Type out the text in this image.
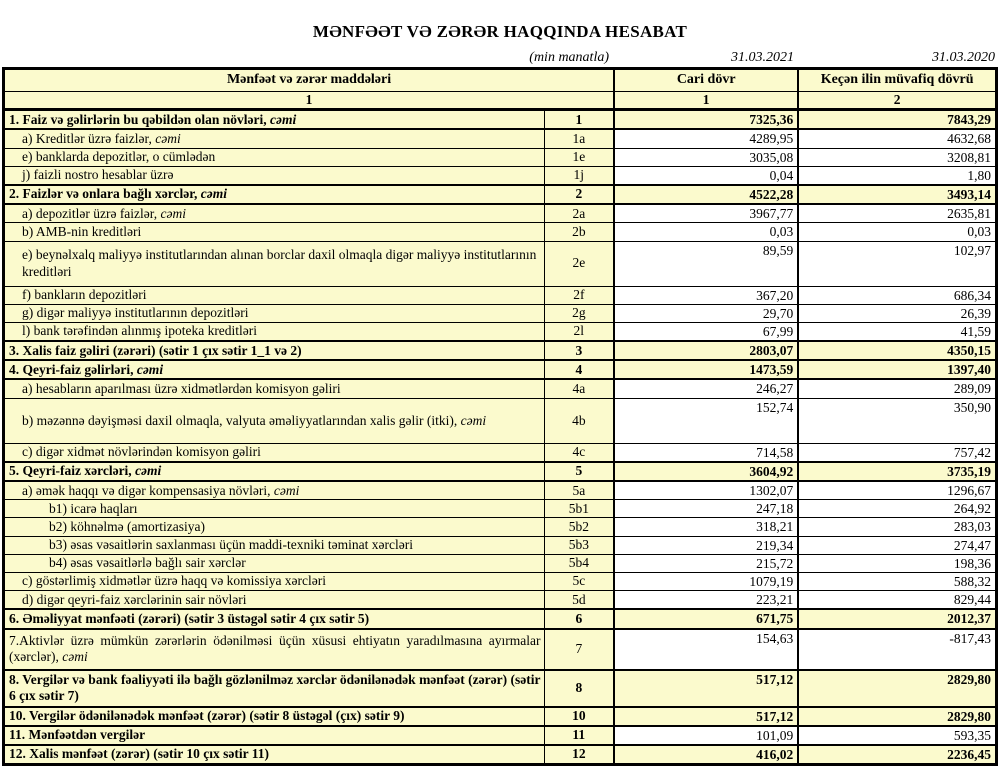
MƏNFƏƏT VƏ ZƏRƏR HAQQINDA HESABAT
(min manatla)	31.03.2021	31.03.2020
Mənfəət və zərər maddələri		Cari dövr	Keçən ilin müvafiq dövrü
1		1	2
1. Faiz və gəlirlərin bu qəbildən olan növləri, cəmi	1	7325,36	7843,29
a) Kreditlər üzrə faizlər, cəmi	1a	4289,95	4632,68
e) banklarda depozitlər, o cümlədən	1e	3035,08	3208,81
j) faizli nostro hesablar üzrə	1j	0,04	1,80
2. Faizlər və onlara bağlı xərclər, cəmi	2	4522,28	3493,14
a) depozitlər üzrə faizlər, cəmi	2a	3967,77	2635,81
b) AMB-nin kreditləri	2b	0,03	0,03
e) beynəlxalq maliyyə institutlarından alınan borclar daxil olmaqla digər maliyyə institutlarının kreditləri	2e	89,59	102,97
f) bankların depozitləri	2f	367,20	686,34
g) digər maliyyə institutlarının depozitləri	2g	29,70	26,39
l) bank tərəfindən alınmış ipoteka kreditləri	2l	67,99	41,59
3. Xalis faiz gəliri (zərəri) (sətir 1 çıx sətir 1_1 və 2)	3	2803,07	4350,15
4. Qeyri-faiz gəlirləri, cəmi	4	1473,59	1397,40
a) hesabların aparılması üzrə xidmətlərdən komisyon gəliri	4a	246,27	289,09
b) məzənnə dəyişməsi daxil olmaqla, valyuta əməliyyatlarından xalis gəlir (itki), cəmi	4b	152,74	350,90
c) digər xidmət növlərindən komisyon gəliri	4c	714,58	757,42
5. Qeyri-faiz xərcləri, cəmi	5	3604,92	3735,19
a) əmək haqqı və digər kompensasiya növləri, cəmi	5a	1302,07	1296,67
b1) icarə haqları	5b1	247,18	264,92
b2) köhnəlmə (amortizasiya)	5b2	318,21	283,03
b3) əsas vəsaitlərin saxlanması üçün maddi-texniki təminat xərcləri	5b3	219,34	274,47
b4) əsas vəsaitlərlə bağlı sair xərclər	5b4	215,72	198,36
c) göstərlimiş xidmətlər üzrə haqq və komissiya xərcləri	5c	1079,19	588,32
d) digər qeyri-faiz xərclərinin sair növləri	5d	223,21	829,44
6. Əməliyyat mənfəəti (zərəri) (sətir 3 üstəgəl sətir 4 çıx sətir 5)	6	671,75	2012,37
7.Aktivlər üzrə mümkün zərərlərin ödənilməsi üçün xüsusi ehtiyatın yaradılmasına ayırmalar (xərclər), cəmi	7	154,63	-817,43
8. Vergilər və bank fəaliyyəti ilə bağlı gözlənilməz xərclər ödənilənədək mənfəət (zərər) (sətir 6 çıx sətir 7)	8	517,12	2829,80
10. Vergilər ödənilənədək mənfəət (zərər) (sətir 8 üstəgəl (çıx) sətir 9)	10	517,12	2829,80
11. Mənfəətdən vergilər	11	101,09	593,35
12. Xalis mənfəət (zərər) (sətir 10 çıx sətir 11)	12	416,02	2236,45
